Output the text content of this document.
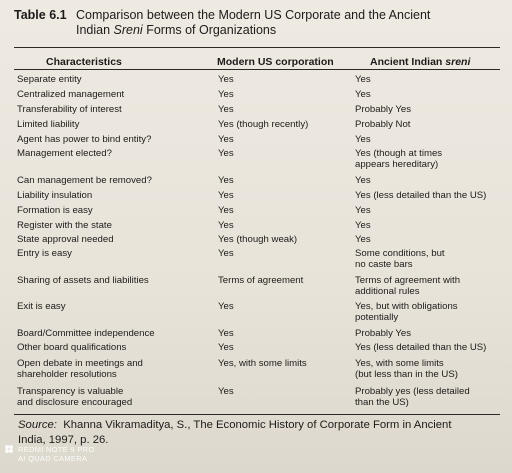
Table 6.1 Comparison between the Modern US Corporate and the Ancient
Indian Sreni Forms of Organizations
Characteristics	Modern US corporation	Ancient Indian sreni
Separate entity	Yes	Yes
Centralized management	Yes	Yes
Transferability of interest	Yes	Probably Yes
Limited liability	Yes (though recently)	Probably Not
Agent has power to bind entity?	Yes	Yes
Management elected?	Yes	Yes (though at times
appears hereditary)
Can management be removed?	Yes	Yes
Liability insulation	Yes	Yes (less detailed than the US)
Formation is easy	Yes	Yes
Register with the state	Yes	Yes
State approval needed	Yes (though weak)	Yes
Entry is easy	Yes	Some conditions, but
no caste bars
Sharing of assets and liabilities	Terms of agreement	Terms of agreement with
additional rules
Exit is easy	Yes	Yes, but with obligations
potentially
Board/Committee independence	Yes	Probably Yes
Other board qualifications	Yes	Yes (less detailed than the US)
Open debate in meetings and
shareholder resolutions
Yes, with some limits	Yes, with some limits
(but less than in the US)
Transparency is valuable
and disclosure encouraged
Yes	Probably yes (less detailed
than the US)
Source: Khanna Vikramaditya, S., The Economic History of Corporate Form in Ancient
India, 1997, p. 26.
REDMI NOTE 9 PRO
AI QUAD CAMERA
